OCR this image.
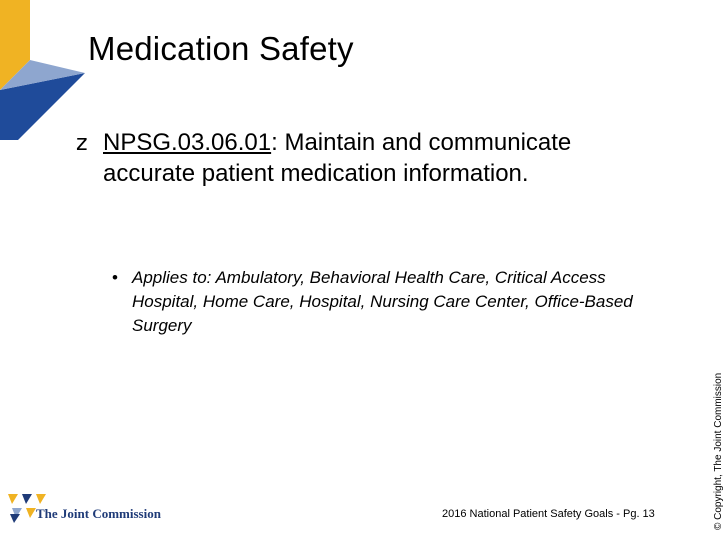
Medication Safety
z NPSG.03.06.01: Maintain and communicate
accurate patient medication information.
• Applies to: Ambulatory, Behavioral Health Care, Critical Access Hospital, Home Care, Hospital, Nursing Care Center, Office-Based Surgery
© Copyright, The Joint Commission
The Joint Commission	2016 National Patient Safety Goals - Pg. 13
